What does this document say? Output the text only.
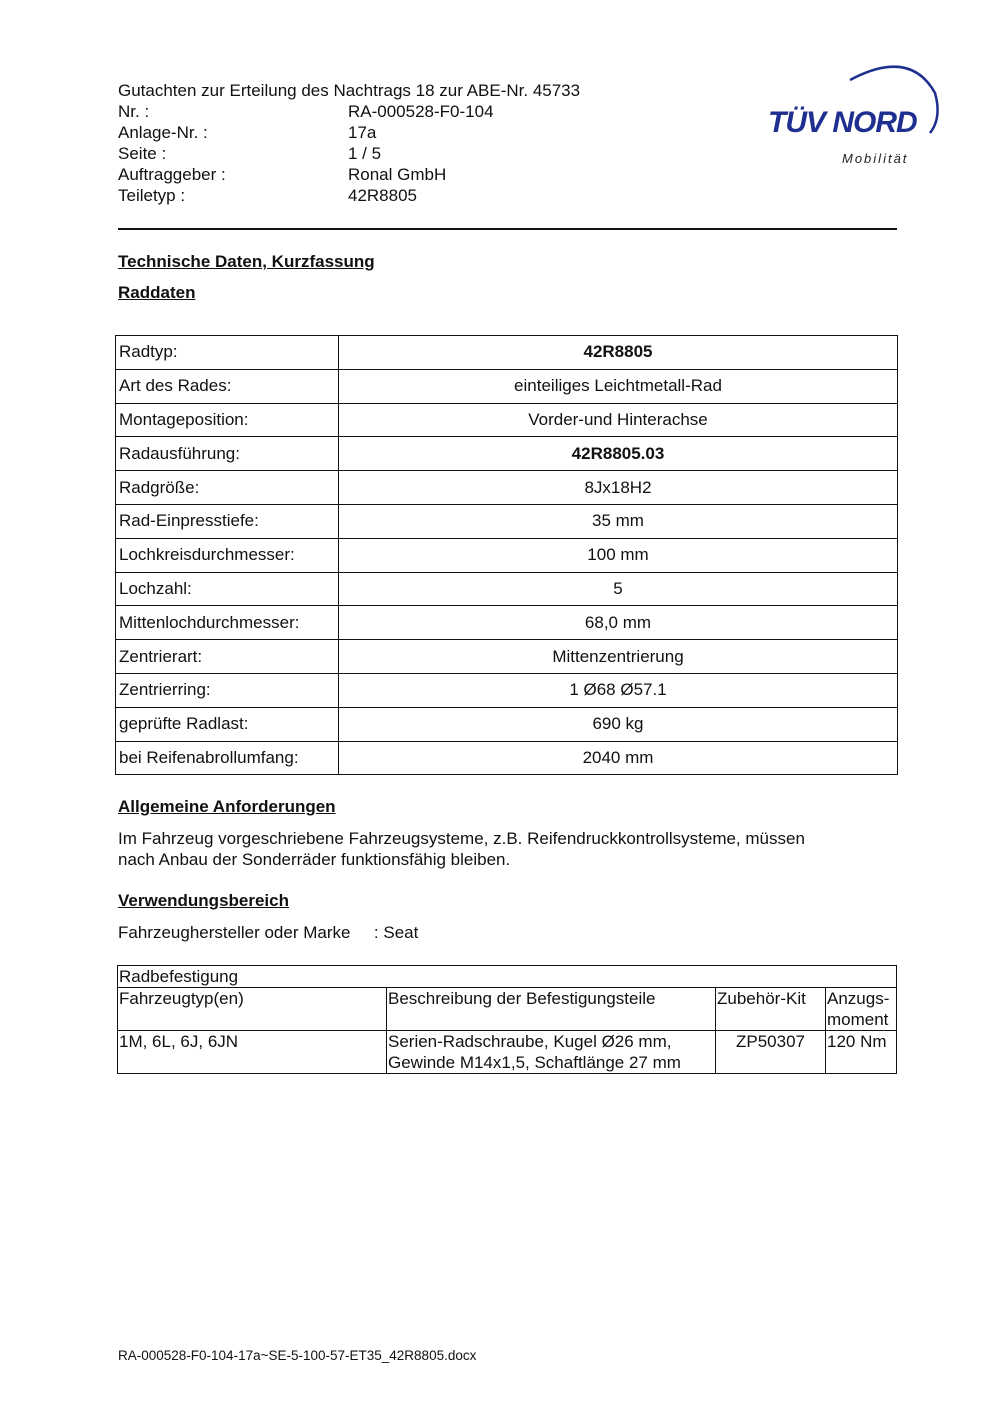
Gutachten zur Erteilung des Nachtrags 18 zur ABE-Nr. 45733
Nr. :	RA-000528-F0-104
Anlage-Nr. :	17a
Seite :	1 / 5
Auftraggeber :	Ronal GmbH
Teiletyp :	42R8805
TÜV NORD
Mobilität
Technische Daten, Kurzfassung
Raddaten
Radtyp:	42R8805
Art des Rades:	einteiliges Leichtmetall-Rad
Montageposition:	Vorder-und Hinterachse
Radausführung:	42R8805.03
Radgröße:	8Jx18H2
Rad-Einpresstiefe:	35 mm
Lochkreisdurchmesser:	100 mm
Lochzahl:	5
Mittenlochdurchmesser:	68,0 mm
Zentrierart:	Mittenzentrierung
Zentrierring:	1 Ø68 Ø57.1
geprüfte Radlast:	690 kg
bei Reifenabrollumfang:	2040 mm
Allgemeine Anforderungen
Im Fahrzeug vorgeschriebene Fahrzeugsysteme, z.B. Reifendruckkontrollsysteme, müssen
nach Anbau der Sonderräder funktionsfähig bleiben.
Verwendungsbereich
Fahrzeughersteller oder Marke : Seat
Radbefestigung			
Fahrzeugtyp(en)	Beschreibung der Befestigungsteile	Zubehör-Kit	Anzugs-
moment

1M, 6L, 6J, 6JN	Serien-Radschraube, Kugel Ø26 mm,
Gewinde M14x1,5, Schaftlänge 27 mm	ZP50307	120 Nm
RA-000528-F0-104-17a~SE-5-100-57-ET35_42R8805.docx
